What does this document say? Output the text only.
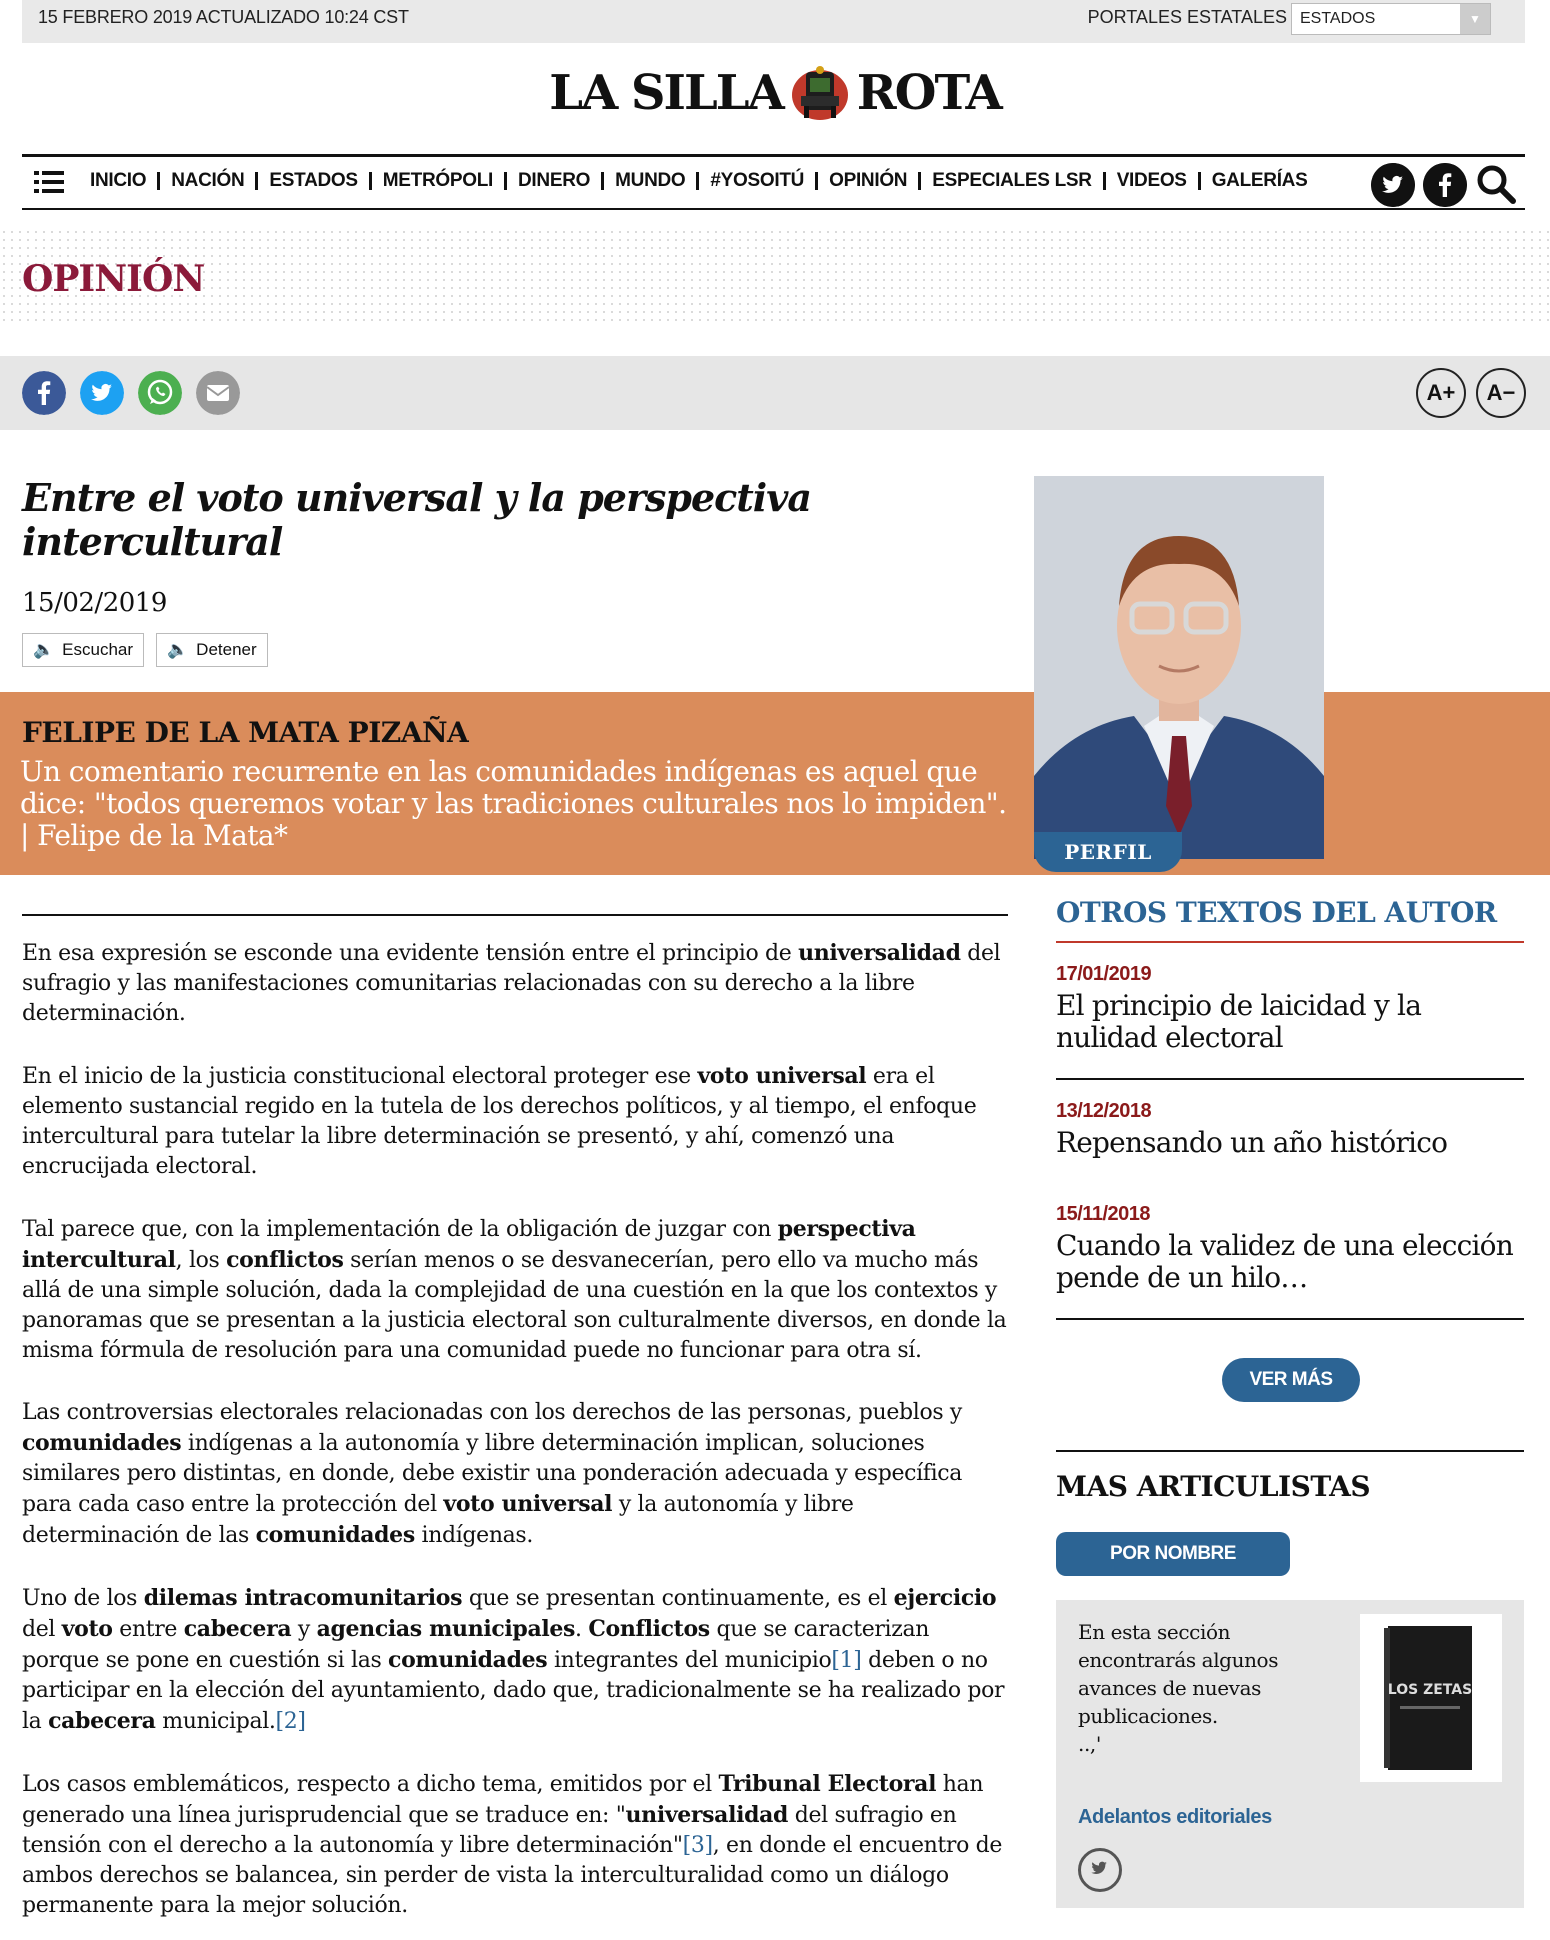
15 FEBRERO 2019 ACTUALIZADO 10:24 CST	PORTALES ESTATALES ESTADOS	▼
LA SILLA ROTA
INICIO	NACIÓN	ESTADOS	METRÓPOLI	DINERO	MUNDO	#YOSOITÚ	OPINIÓN	ESPECIALES LSR	VIDEOS	GALERÍAS
OPINIÓN
A+	A−
Entre el voto universal y la perspectiva intercultural
15/02/2019
🔈 Escuchar 🔈 Detener
FELIPE DE LA MATA PIZAÑA
Un comentario recurrente en las comunidades indígenas es aquel que dice: "todos queremos votar y las tradiciones culturales nos lo impiden". | Felipe de la Mata*	PERFIL

En esa expresión se esconde una evidente tensión entre el principio de universalidad del sufragio y las manifestaciones comunitarias relacionadas con su derecho a la libre determinación.

En el inicio de la justicia constitucional electoral proteger ese voto universal era el elemento sustancial regido en la tutela de los derechos políticos, y al tiempo, el enfoque intercultural para tutelar la libre determinación se presentó, y ahí, comenzó una encrucijada electoral.

Tal parece que, con la implementación de la obligación de juzgar con perspectiva intercultural, los conflictos serían menos o se desvanecerían, pero ello va mucho más allá de una simple solución, dada la complejidad de una cuestión en la que los contextos y panoramas que se presentan a la justicia electoral son culturalmente diversos, en donde la misma fórmula de resolución para una comunidad puede no funcionar para otra sí.

Las controversias electorales relacionadas con los derechos de las personas, pueblos y comunidades indígenas a la autonomía y libre determinación implican, soluciones similares pero distintas, en donde, debe existir una ponderación adecuada y específica para cada caso entre la protección del voto universal y la autonomía y libre determinación de las comunidades indígenas.

Uno de los dilemas intracomunitarios que se presentan continuamente, es el ejercicio del voto entre cabecera y agencias municipales. Conflictos que se caracterizan porque se pone en cuestión si las comunidades integrantes del municipio[1] deben o no participar en la elección del ayuntamiento, dado que, tradicionalmente se ha realizado por la cabecera municipal.[2]

Los casos emblemáticos, respecto a dicho tema, emitidos por el Tribunal Electoral han generado una línea jurisprudencial que se traduce en: "universalidad del sufragio en tensión con el derecho a la autonomía y libre determinación"[3], en donde el encuentro de ambos derechos se balancea, sin perder de vista la interculturalidad como un diálogo permanente para la mejor solución.

OTROS TEXTOS DEL AUTOR
17/01/2019
El principio de laicidad y la nulidad electoral
13/12/2018
Repensando un año histórico
15/11/2018
Cuando la validez de una elección pende de un hilo…
VER MÁS
MAS ARTICULISTAS
POR NOMBRE
En esta sección encontrarás algunos avances de nuevas publicaciones.
..,'
LOS ZETAS
Adelantos editoriales
